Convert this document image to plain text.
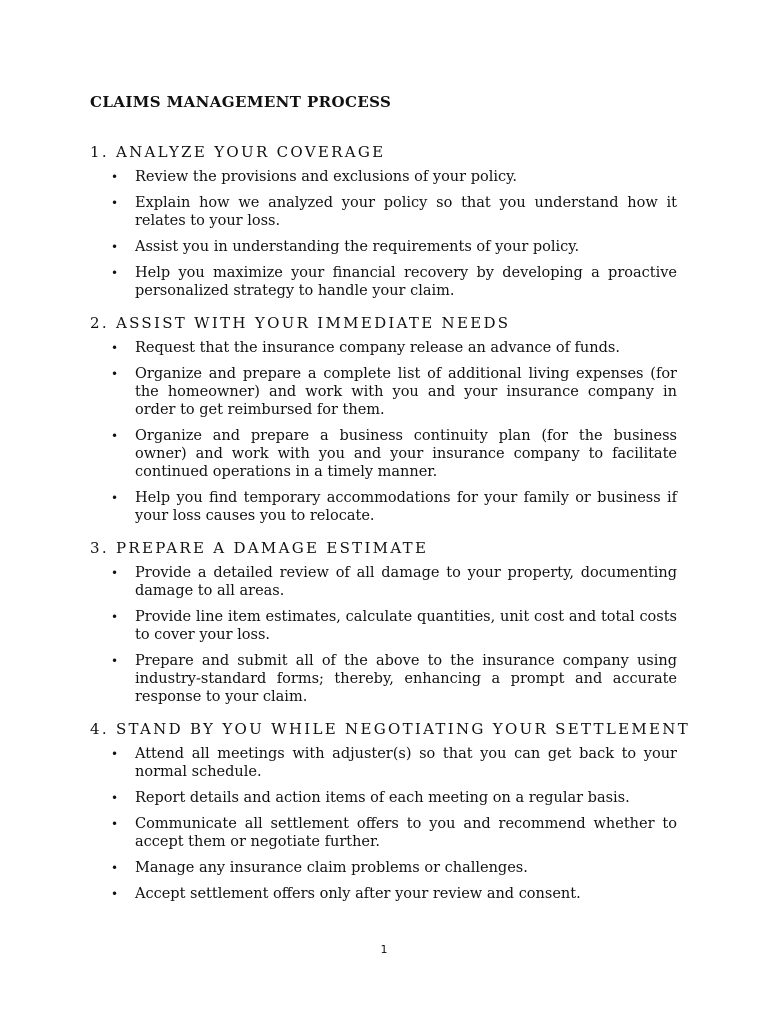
CLAIMS MANAGEMENT PROCESS
1. ANALYZE YOUR COVERAGE
• Review the provisions and exclusions of your policy.
• Explain how we analyzed your policy so that you understand how it relates to your loss.
• Assist you in understanding the requirements of your policy.
• Help you maximize your financial recovery by developing a proactive personalized strategy to handle your claim.
2. ASSIST WITH YOUR IMMEDIATE NEEDS
• Request that the insurance company release an advance of funds.
• Organize and prepare a complete list of additional living expenses (for the homeowner) and work with you and your insurance company in order to get reimbursed for them.
• Organize and prepare a business continuity plan (for the business owner) and work with you and your insurance company to facilitate continued operations in a timely manner.
• Help you find temporary accommodations for your family or business if your loss causes you to relocate.
3. PREPARE A DAMAGE ESTIMATE
• Provide a detailed review of all damage to your property, documenting damage to all areas.
• Provide line item estimates, calculate quantities, unit cost and total costs to cover your loss.
• Prepare and submit all of the above to the insurance company using industry-standard forms; thereby, enhancing a prompt and accurate response to your claim.
4. STAND BY YOU WHILE NEGOTIATING YOUR SETTLEMENT
• Attend all meetings with adjuster(s) so that you can get back to your normal schedule.
• Report details and action items of each meeting on a regular basis.
• Communicate all settlement offers to you and recommend whether to accept them or negotiate further.
• Manage any insurance claim problems or challenges.
• Accept settlement offers only after your review and consent.
1
